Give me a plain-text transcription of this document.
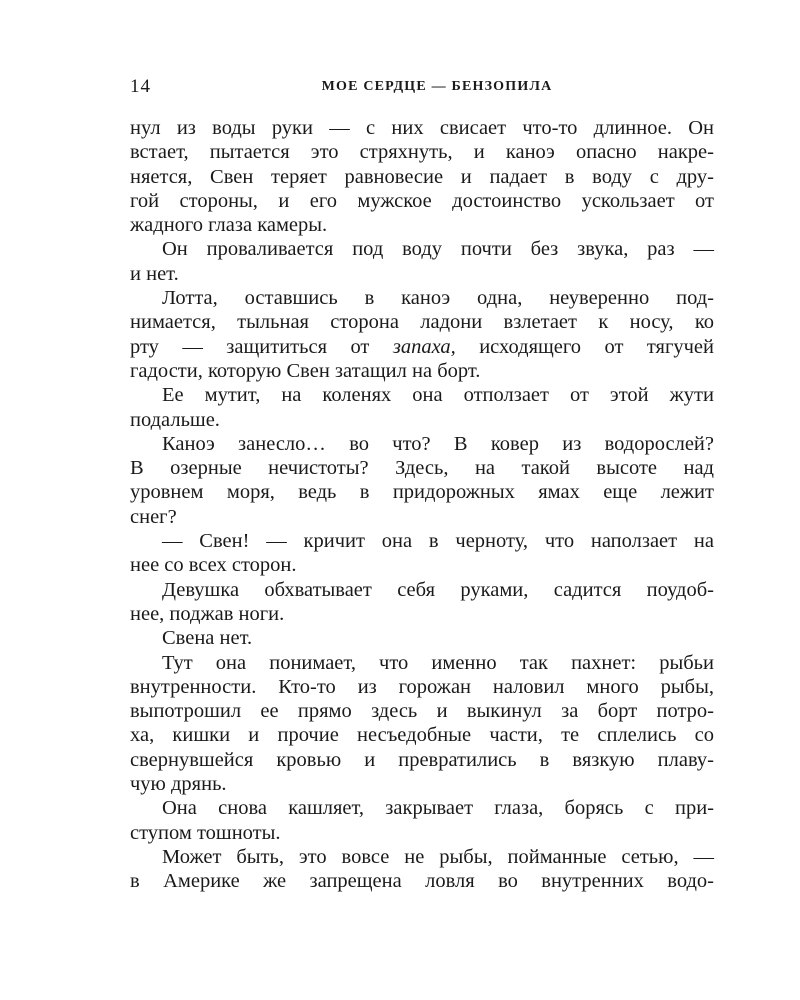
14	МОЕ СЕРДЦЕ — БЕНЗОПИЛА
нул из воды руки — с них свисает что-то длинное. Он
встает, пытается это стряхнуть, и каноэ опасно накре-
няется, Свен теряет равновесие и падает в воду с дру-
гой стороны, и его мужское достоинство ускользает от
жадного глаза камеры.
Он проваливается под воду почти без звука, раз —
и нет.
Лотта, оставшись в каноэ одна, неуверенно под-
нимается, тыльная сторона ладони взлетает к носу, ко
рту — защититься от запаха, исходящего от тягучей
гадости, которую Свен затащил на борт.
Ее мутит, на коленях она отползает от этой жути
подальше.
Каноэ занесло… во что? В ковер из водорослей?
В озерные нечистоты? Здесь, на такой высоте над
уровнем моря, ведь в придорожных ямах еще лежит
снег?
— Свен! — кричит она в черноту, что наползает на
нее со всех сторон.
Девушка обхватывает себя руками, садится поудоб-
нее, поджав ноги.
Свена нет.
Тут она понимает, что именно так пахнет: рыбьи
внутренности. Кто-то из горожан наловил много рыбы,
выпотрошил ее прямо здесь и выкинул за борт потро-
ха, кишки и прочие несъедобные части, те сплелись со
свернувшейся кровью и превратились в вязкую плаву-
чую дрянь.
Она снова кашляет, закрывает глаза, борясь с при-
ступом тошноты.
Может быть, это вовсе не рыбы, пойманные сетью, —
в Америке же запрещена ловля во внутренних водо-
